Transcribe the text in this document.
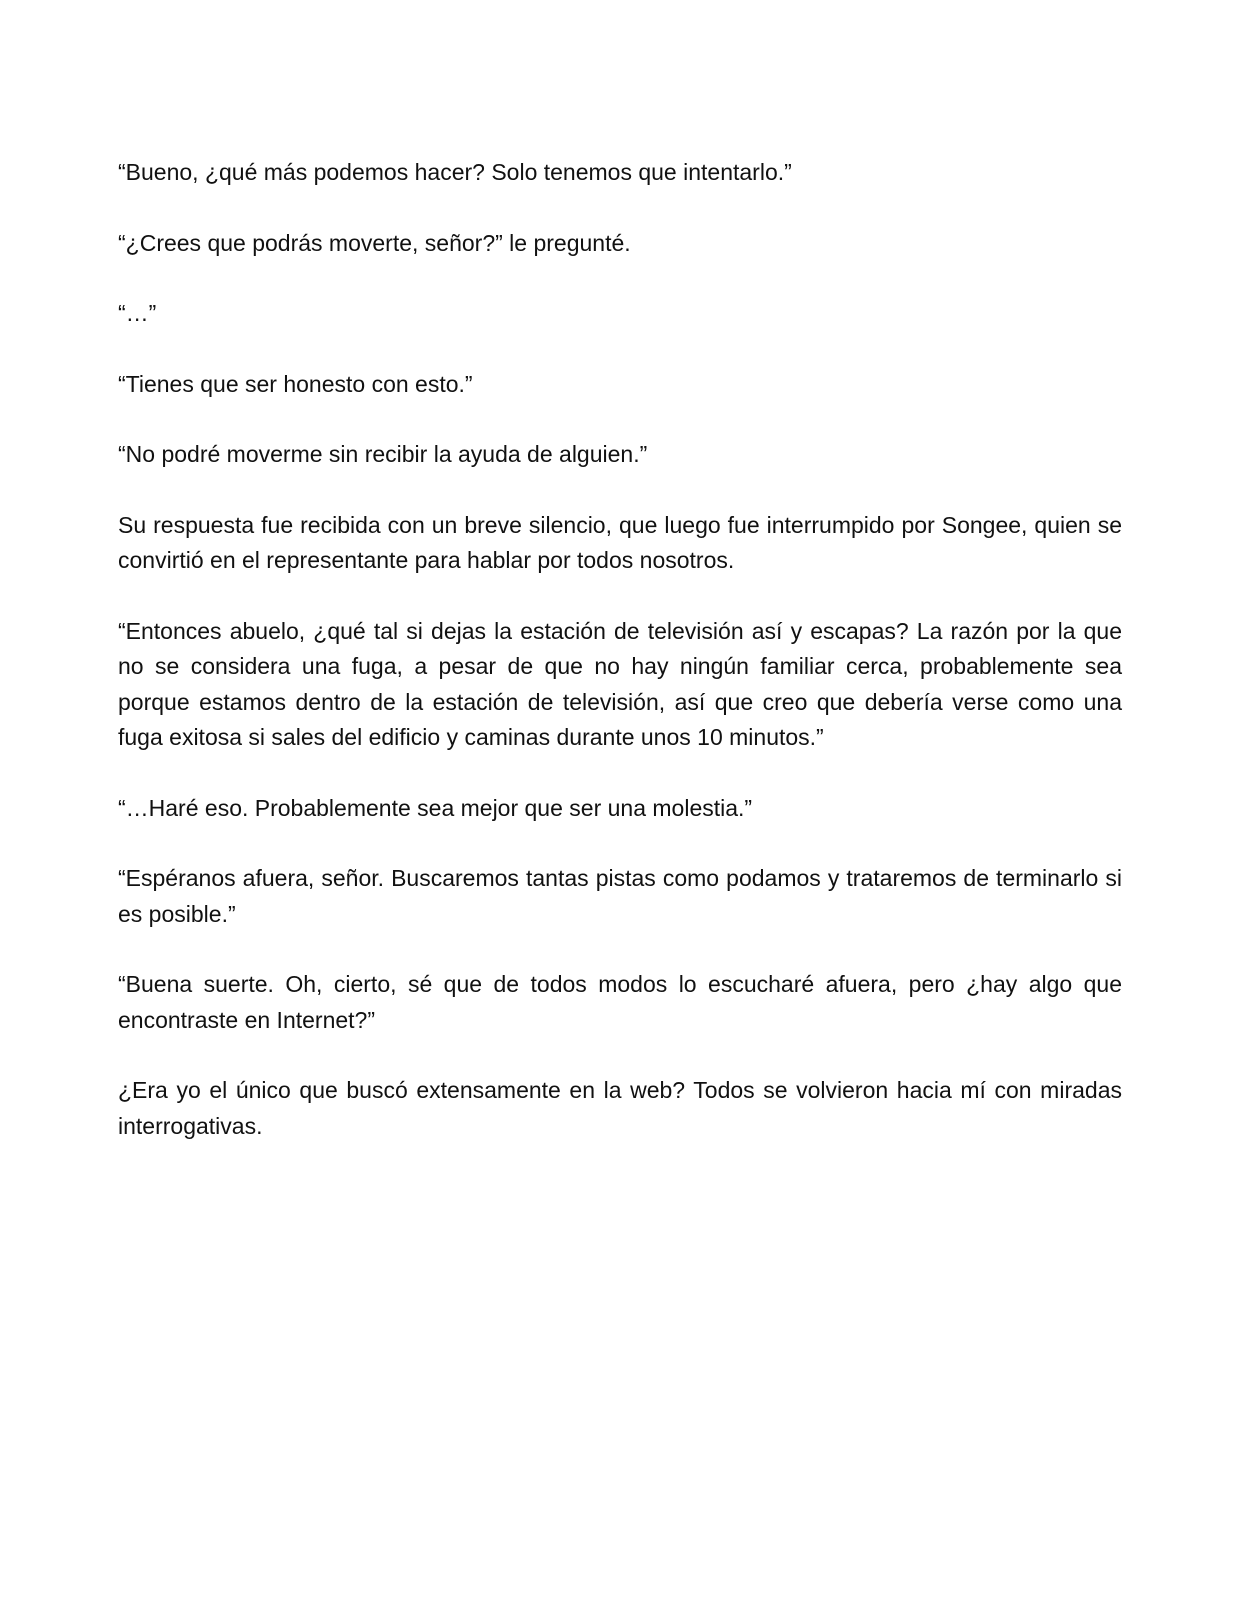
“Bueno, ¿qué más podemos hacer? Solo tenemos que intentarlo.”

“¿Crees que podrás moverte, señor?” le pregunté.

“…”

“Tienes que ser honesto con esto.”

“No podré moverme sin recibir la ayuda de alguien.”

Su respuesta fue recibida con un breve silencio, que luego fue interrumpido por Songee, quien se convirtió en el representante para hablar por todos nosotros.

“Entonces abuelo, ¿qué tal si dejas la estación de televisión así y escapas? La razón por la que no se considera una fuga, a pesar de que no hay ningún familiar cerca, probablemente sea porque estamos dentro de la estación de televisión, así que creo que debería verse como una fuga exitosa si sales del edificio y caminas durante unos 10 minutos.”

“…Haré eso. Probablemente sea mejor que ser una molestia.”

“Espéranos afuera, señor. Buscaremos tantas pistas como podamos y trataremos de terminarlo si es posible.”

“Buena suerte. Oh, cierto, sé que de todos modos lo escucharé afuera, pero ¿hay algo que encontraste en Internet?”

¿Era yo el único que buscó extensamente en la web? Todos se volvieron hacia mí con miradas interrogativas.
